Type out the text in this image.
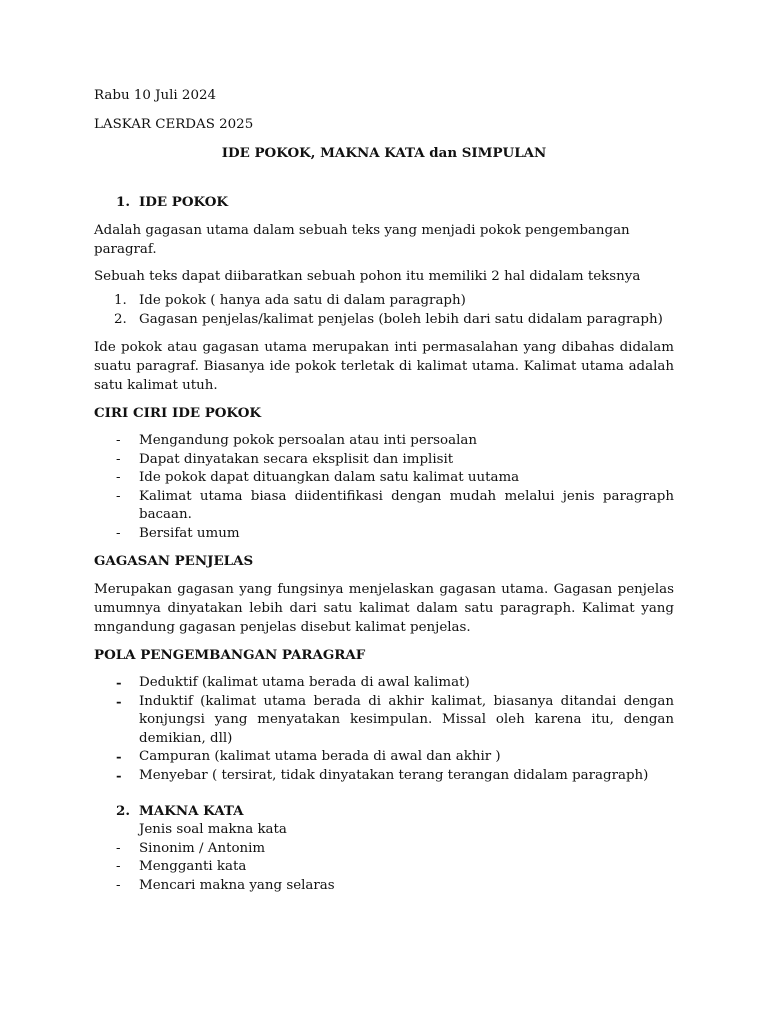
Rabu 10 Juli 2024

LASKAR CERDAS 2025

IDE POKOK, MAKNA KATA dan SIMPULAN

1. IDE POKOK

Adalah gagasan utama dalam sebuah teks yang menjadi pokok pengembangan paragraf.

Sebuah teks dapat diibaratkan sebuah pohon itu memiliki 2 hal didalam teksnya

1. Ide pokok ( hanya ada satu di dalam paragraph)
2. Gagasan penjelas/kalimat penjelas (boleh lebih dari satu didalam paragraph)

Ide pokok atau gagasan utama merupakan inti permasalahan yang dibahas didalam suatu paragraf. Biasanya ide pokok terletak di kalimat utama. Kalimat utama adalah satu kalimat utuh.

CIRI CIRI IDE POKOK

- Mengandung pokok persoalan atau inti persoalan
- Dapat dinyatakan secara eksplisit dan implisit
- Ide pokok dapat dituangkan dalam satu kalimat uutama
- Kalimat utama biasa diidentifikasi dengan mudah melalui jenis paragraph bacaan.
- Bersifat umum

GAGASAN PENJELAS

Merupakan gagasan yang fungsinya menjelaskan gagasan utama. Gagasan penjelas umumnya dinyatakan lebih dari satu kalimat dalam satu paragraph. Kalimat yang mngandung gagasan penjelas disebut kalimat penjelas.

POLA PENGEMBANGAN PARAGRAF

- Deduktif (kalimat utama berada di awal kalimat)
- Induktif (kalimat utama berada di akhir kalimat, biasanya ditandai dengan konjungsi yang menyatakan kesimpulan. Missal oleh karena itu, dengan demikian, dll)
- Campuran (kalimat utama berada di awal dan akhir )
- Menyebar ( tersirat, tidak dinyatakan terang terangan didalam paragraph)
2. MAKNA KATA

Jenis soal makna kata

- Sinonim / Antonim
- Mengganti kata
- Mencari makna yang selaras
